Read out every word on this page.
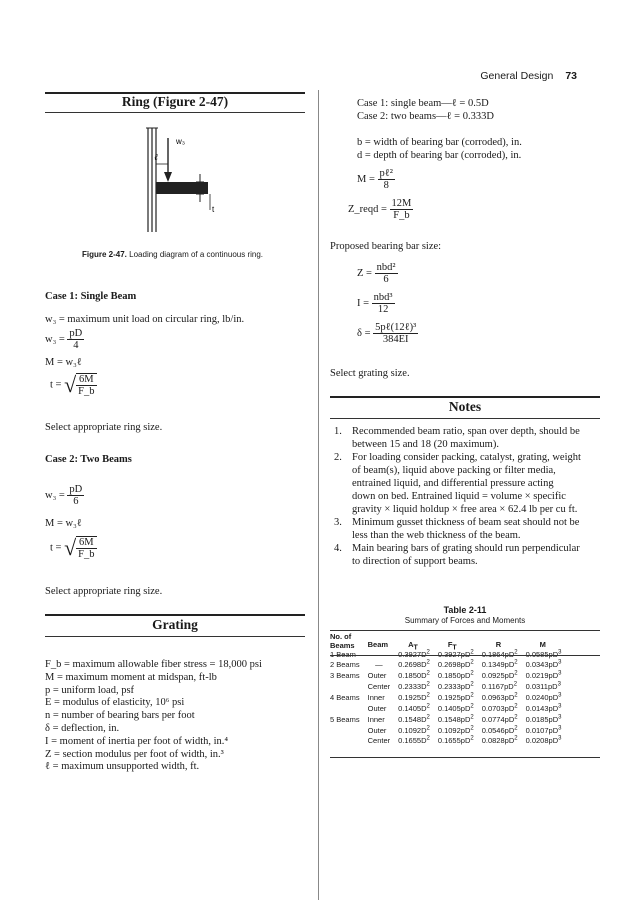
General Design 73
Ring (Figure 2-47)
ℓ
w₃
t
Figure 2-47. Loading diagram of a continuous ring.
Case 1: Single Beam
w₃ = maximum unit load on circular ring, lb/in.
$w_3 = \frac{pD}{4}$
M = w₃ℓ
t = √ $\frac{6M}{F\_b}$
Select appropriate ring size.
Case 2: Two Beams
$w_3 = \frac{pD}{6}$
M = w₃ℓ
t = √ $\frac{6M}{F\_b}$
Select appropriate ring size.
Grating
F_b = maximum allowable fiber stress = 18,000 psi
M = maximum moment at midspan, ft-lb
p = uniform load, psf
E = modulus of elasticity, 10⁶ psi
n = number of bearing bars per foot
δ = deflection, in.
I = moment of inertia per foot of width, in.⁴
Z = section modulus per foot of width, in.³
ℓ = maximum unsupported width, ft.
Case 1: single beam—ℓ = 0.5D
Case 2: two beams—ℓ = 0.333D
b = width of bearing bar (corroded), in.
d = depth of bearing bar (corroded), in.
$M = \frac{\text{pℓ²}}{8}$
Z_reqd = $\frac{12M}{F\_b}$
Proposed bearing bar size:
$Z = \frac{\text{nbd²}}{6}$
$I = \frac{\text{nbd³}}{12}$
$\delta = \frac{\text{5pℓ(12ℓ)³}}{384EI}$
Select grating size.
Notes
1. Recommended beam ratio, span over depth, should be
between 15 and 18 (20 maximum).
2. For loading consider packing, catalyst, grating, weight
of beam(s), liquid above packing or filter media,
entrained liquid, and differential pressure acting
down on bed. Entrained liquid = volume × specific
gravity × liquid holdup × free area × 62.4 lb per cu ft.
3. Minimum gusset thickness of beam seat should not be
less than the web thickness of the beam.
4. Main bearing bars of grating should run perpendicular
to direction of support beams.
Table 2-11
Summary of Forces and Moments
No. of
Beams	Beam	$A_T$	$F_T$	R	M
1 Beam	—	$0.3927D^2$	$0.3927pD^2$	$0.1864pD^2$	$0.0585pD^3$
2 Beams	—	$0.2698D^2$	$0.2698pD^2$	$0.1349pD^2$	$0.0343pD^3$
3 Beams	Outer	$0.1850D^2$	$0.1850pD^2$	$0.0925pD^2$	$0.0219pD^3$
	Center	$0.2333D^2$	$0.2333pD^2$	$0.1167pD^2$	$0.0311pD^3$
4 Beams	Inner	$0.1925D^2$	$0.1925pD^2$	$0.0963pD^2$	$0.0240pD^3$
	Outer	$0.1405D^2$	$0.1405pD^2$	$0.0703pD^2$	$0.0143pD^3$
5 Beams	Inner	$0.1548D^2$	$0.1548pD^2$	$0.0774pD^2$	$0.0185pD^3$
	Outer	$0.1092D^2$	$0.1092pD^2$	$0.0546pD^2$	$0.0107pD^3$
	Center	$0.1655D^2$	$0.1655pD^2$	$0.0828pD^2$	$0.0208pD^3$
